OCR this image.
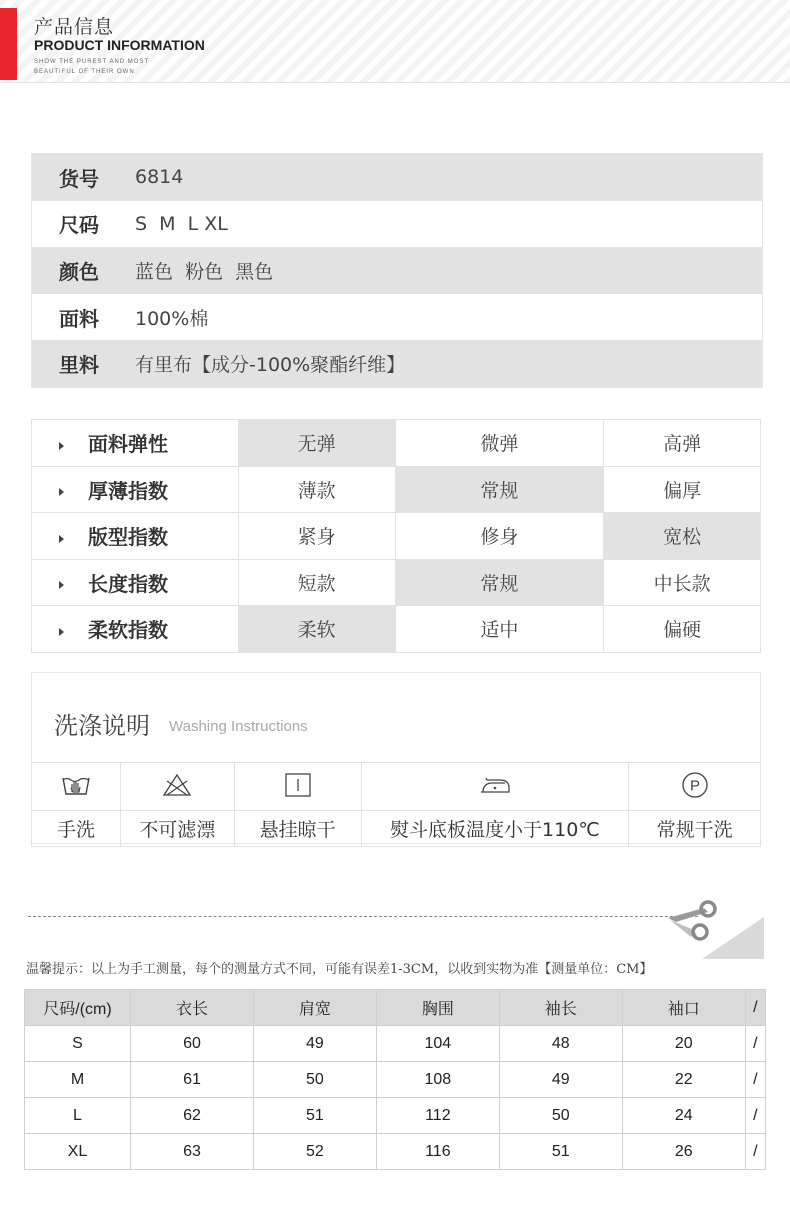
产品信息
PRODUCT INFORMATION
SHOW THE PUREST AND MOST
BEAUTIFUL OF THEIR OWN
货号	6814
尺码	S  M  L XL
颜色	蓝色  粉色  黑色
面料	100%棉
里料	有里布【成分-100%聚酯纤维】
面料弹性	无弹	微弹	高弹
厚薄指数	薄款	常规	偏厚
版型指数	紧身	修身	宽松
长度指数	短款	常规	中长款
柔软指数	柔软	适中	偏硬
洗涤说明 Washing Instructions

P

手洗	不可滤漂	悬挂晾干	熨斗底板温度小于110℃	常规干洗
温馨提示：以上为手工测量，每个的测量方式不同，可能有误差1-3CM，以收到实物为准【测量单位：CM】
尺码/(cm)	衣长	肩宽	胸围	袖长	袖口	/
S	60	49	104	48	20	/
M	61	50	108	49	22	/
L	62	51	112	50	24	/
XL	63	52	116	51	26	/
